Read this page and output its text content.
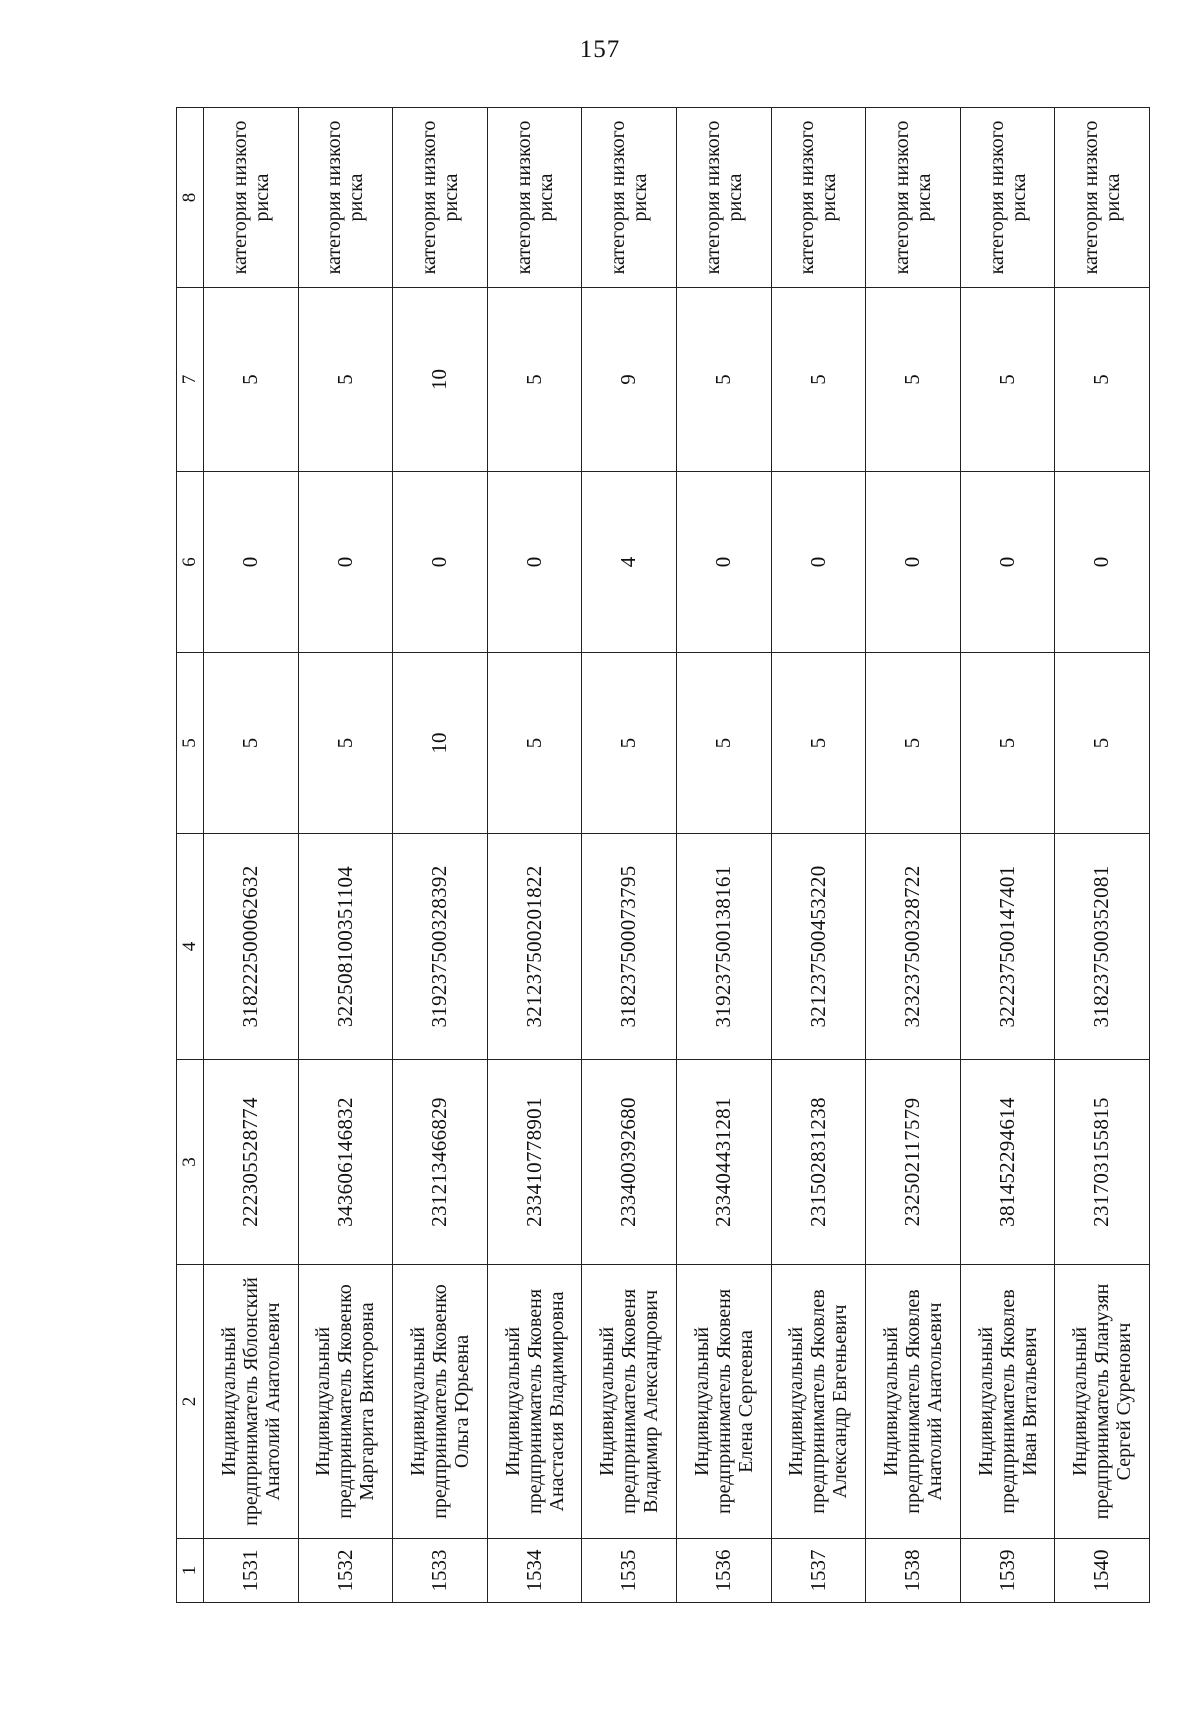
157
1	2	3	4	5	6	7	8
1531	Индивидуальный предприниматель Яблонский Анатолий Анатольевич	222305528774	318222500062632	5	0	5	категория низкого риска
1532	Индивидуальный предприниматель Яковенко Маргарита Викторовна	343606146832	322508100351104	5	0	5	категория низкого риска
1533	Индивидуальный предприниматель Яковенко Ольга Юрьевна	231213466829	319237500328392	10	0	10	категория низкого риска
1534	Индивидуальный предприниматель Яковеня Анастасия Владимировна	233410778901	321237500201822	5	0	5	категория низкого риска
1535	Индивидуальный предприниматель Яковеня Владимир Александрович	233400392680	318237500073795	5	4	9	категория низкого риска
1536	Индивидуальный предприниматель Яковеня Елена Сергеевна	233404431281	319237500138161	5	0	5	категория низкого риска
1537	Индивидуальный предприниматель Яковлев Александр Евгеньевич	231502831238	321237500453220	5	0	5	категория низкого риска
1538	Индивидуальный предприниматель Яковлев Анатолий Анатольевич	232502117579	323237500328722	5	0	5	категория низкого риска
1539	Индивидуальный предприниматель Яковлев Иван Витальевич	381452294614	322237500147401	5	0	5	категория низкого риска
1540	Индивидуальный предприниматель Яланузян Сергей Суренович	231703155815	318237500352081	5	0	5	категория низкого риска
